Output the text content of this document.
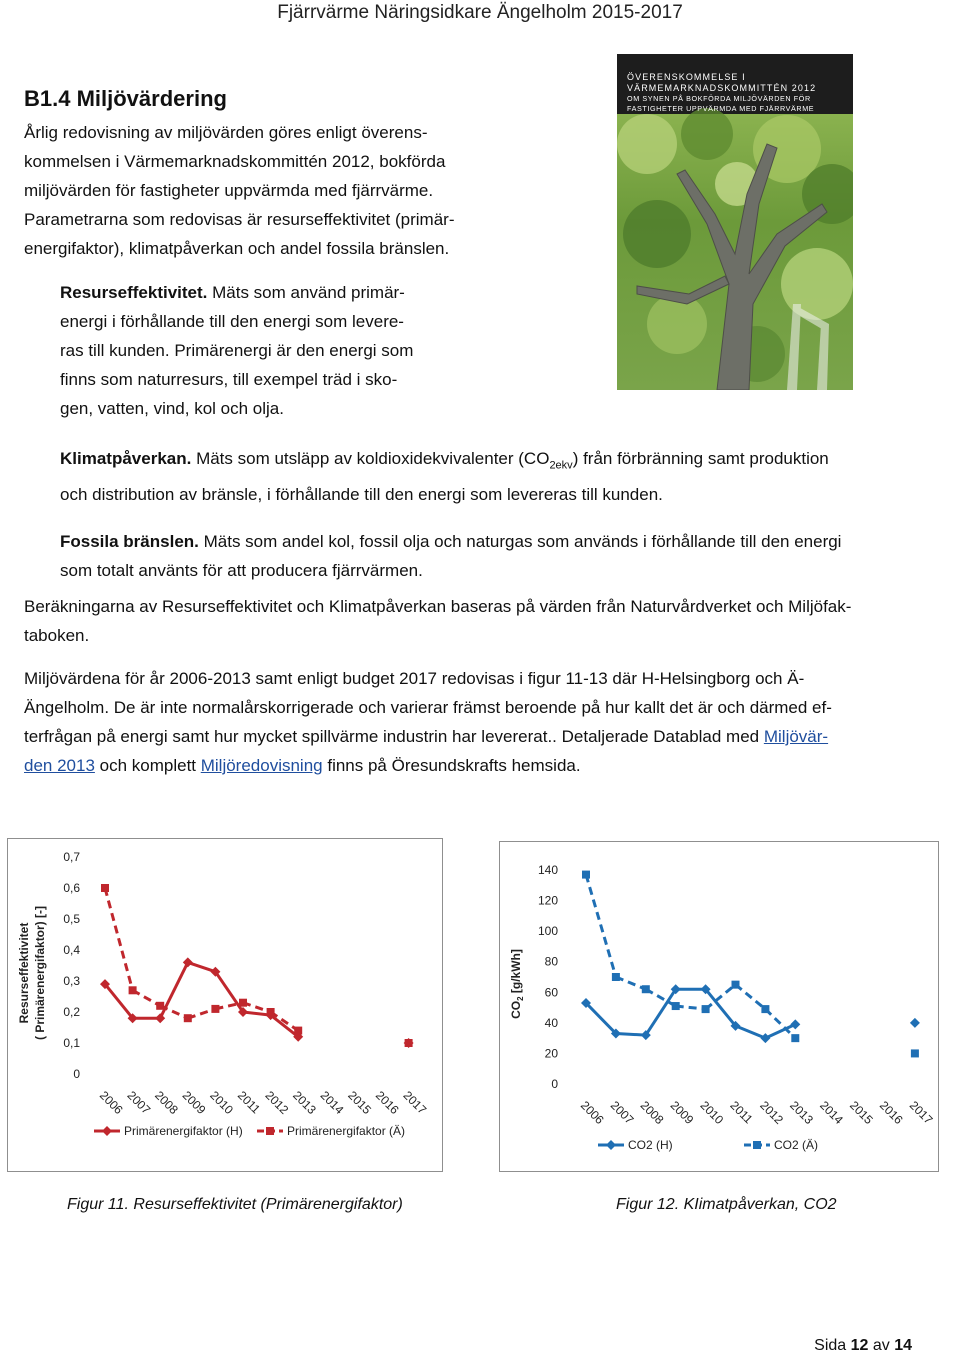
Fjärrvärme Näringsidkare Ängelholm 2015-2017
B1.4 Miljövärdering
Årlig redovisning av miljövärden göres enligt överens-
kommelsen i Värmemarknadskommittén 2012, bokförda
miljövärden för fastigheter uppvärmda med fjärrvärme.
Parametrarna som redovisas är resurseffektivitet (primär-
energifaktor), klimatpåverkan och andel fossila bränslen.
Resurseffektivitet. Mäts som använd primär-
energi i förhållande till den energi som levere-
ras till kunden. Primärenergi är den energi som
finns som naturresurs, till exempel träd i sko-
gen, vatten, vind, kol och olja.
ÖVERENSKOMMELSE I
VÄRMEMARKNADSKOMMITTÉN 2012
OM SYNEN PÅ BOKFÖRDA MILJÖVÄRDEN FÖR
FASTIGHETER UPPVÄRMDA MED FJÄRRVÄRME
Klimatpåverkan. Mäts som utsläpp av koldioxidekvivalenter $(CO_{2ekv})$ från förbränning samt produktion
och distribution av bränsle, i förhållande till den energi som levereras till kunden.
Fossila bränslen. Mäts som andel kol, fossil olja och naturgas som används i förhållande till den energi
som totalt använts för att producera fjärrvärmen.
Beräkningarna av Resurseffektivitet och Klimatpåverkan baseras på värden från Naturvårdverket och Miljöfak-
taboken.
Miljövärdena för år 2006-2013 samt enligt budget 2017 redovisas i figur 11-13 där H-Helsingborg och Ä-
Ängelholm. De är inte normalårskorrigerade och varierar främst beroende på hur kallt det är och därmed ef-
terfrågan på energi samt hur mycket spillvärme industrin har levererat.. Detaljerade Datablad med Miljövär-
den 2013 och komplett Miljöredovisning finns på Öresundskrafts hemsida.
0
0,1
0,2
0,3
0,4
0,5
0,6
0,7
2006
2007
2008
2009
2010
2011 2012
2013
2014
2015
2016
2017
Primärenergifaktor (H)	Primärenergifaktor (Ä)
Resurseffektivitet ( Primärenergifaktor) [-]
0
20
40
60
80
100
120
140
2006 2007 2008 2009 2010 2011 2012 2013 2014 2015 2016 2017
CO2 (H)	CO2 (Ä)
$CO_2$ [g/kWh]
Figur 11. Resurseffektivitet (Primärenergifaktor)	Figur 12. KIimatpåverkan, CO2
Sida 12 av 14
